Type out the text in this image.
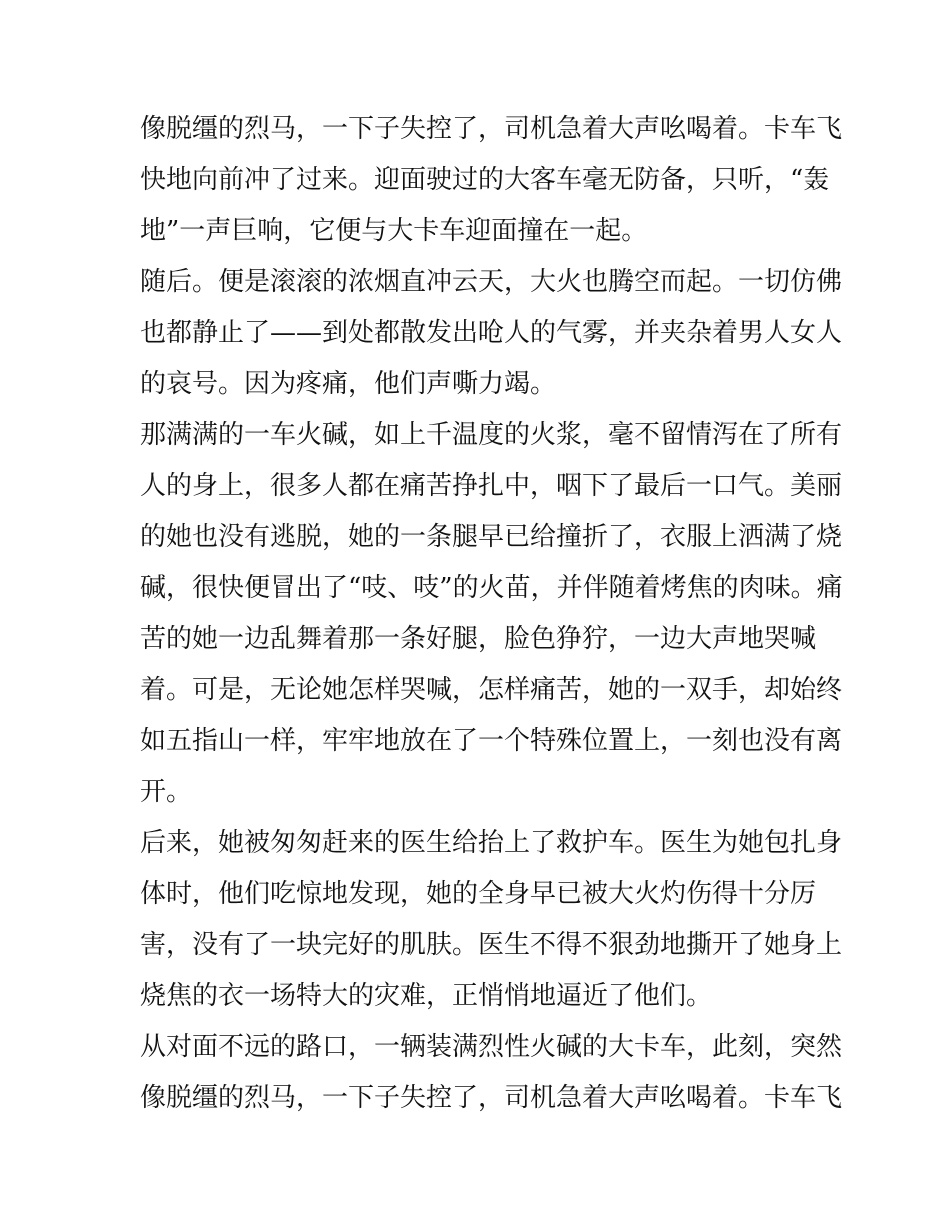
像脱缰的烈马，一下子失控了，司机急着大声吆喝着。卡车飞
快地向前冲了过来。迎面驶过的大客车毫无防备，只听，“轰
地”一声巨响，它便与大卡车迎面撞在一起。
随后。便是滚滚的浓烟直冲云天，大火也腾空而起。一切仿佛
也都静止了——到处都散发出呛人的气雾，并夹杂着男人女人
的哀号。因为疼痛，他们声嘶力竭。
那满满的一车火碱，如上千温度的火浆，毫不留情泻在了所有
人的身上，很多人都在痛苦挣扎中，咽下了最后一口气。美丽
的她也没有逃脱，她的一条腿早已给撞折了，衣服上洒满了烧
碱，很快便冒出了“吱、吱”的火苗，并伴随着烤焦的肉味。痛
苦的她一边乱舞着那一条好腿，脸色狰狞，一边大声地哭喊
着。可是，无论她怎样哭喊，怎样痛苦，她的一双手，却始终
如五指山一样，牢牢地放在了一个特殊位置上，一刻也没有离
开。
后来，她被匆匆赶来的医生给抬上了救护车。医生为她包扎身
体时，他们吃惊地发现，她的全身早已被大火灼伤得十分厉
害，没有了一块完好的肌肤。医生不得不狠劲地撕开了她身上
烧焦的衣一场特大的灾难，正悄悄地逼近了他们。
从对面不远的路口，一辆装满烈性火碱的大卡车，此刻，突然
像脱缰的烈马，一下子失控了，司机急着大声吆喝着。卡车飞
